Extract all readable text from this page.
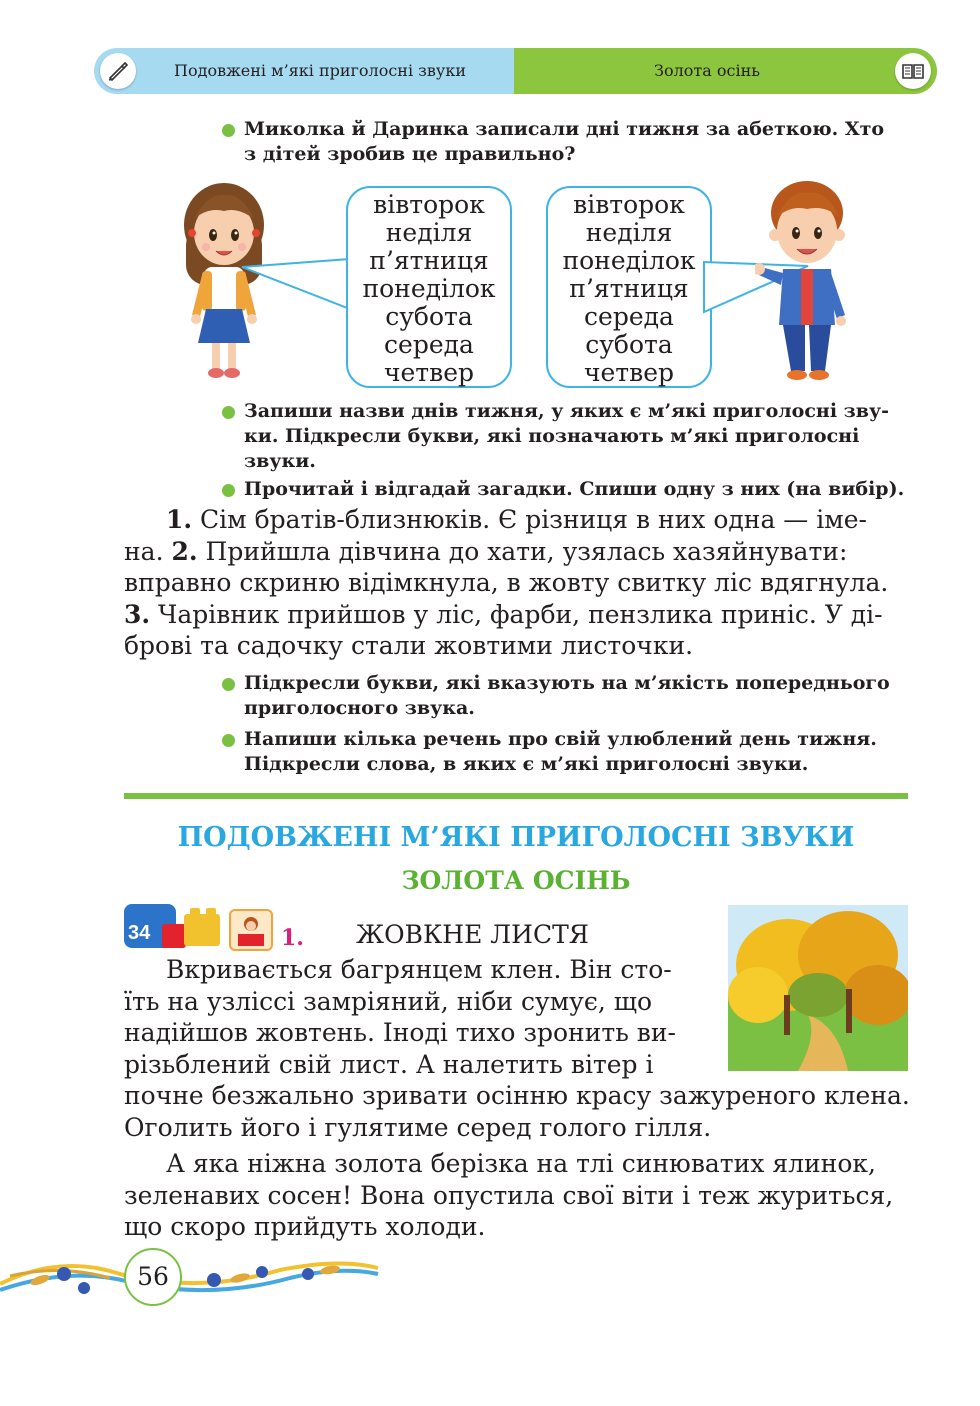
Подовжені м’які приголосні звуки	Золота осінь
Миколка й Даринка записали дні тижня за абеткою. Хто
з дітей зробив це правильно?
вівторок
неділя
п’ятниця
понеділок
субота
середа
четвер
вівторок
неділя
понеділок
п’ятниця
середа
субота
четвер
Запиши назви днів тижня, у яких є м’які приголосні зву-
ки. Підкресли букви, які позначають м’які приголосні
звуки.
Прочитай і відгадай загадки. Спиши одну з них (на вибір).
1. Сім братів-близнюків. Є різниця в них одна — іме-
на. 2. Прийшла дівчина до хати, узялась хазяйнувати:
вправно скриню відімкнула, в жовту свитку ліс вдягнула.
3. Чарівник прийшов у ліс, фарби, пензлика приніс. У ді-
брові та садочку стали жовтими листочки.
Підкресли букви, які вказують на м’якість попереднього
приголосного звука.
Напиши кілька речень про свій улюблений день тижня.
Підкресли слова, в яких є м’які приголосні звуки.
ПОДОВЖЕНІ М’ЯКІ ПРИГОЛОСНІ ЗВУКИ
ЗОЛОТА ОСІНЬ
34	1. ЖОВКНЕ ЛИСТЯ
Вкривається багрянцем клен. Він сто-
їть на узліссі замріяний, ніби сумує, що
надійшов жовтень. Іноді тихо зронить ви-
різьблений свій лист. А налетить вітер і
почне безжально зривати осінню красу зажуреного клена.
Оголить його і гулятиме серед голого гілля.
А яка ніжна золота берізка на тлі синюватих ялинок,
зеленавих сосен! Вона опустила свої віти і теж журиться,
що скоро прийдуть холоди.
56
